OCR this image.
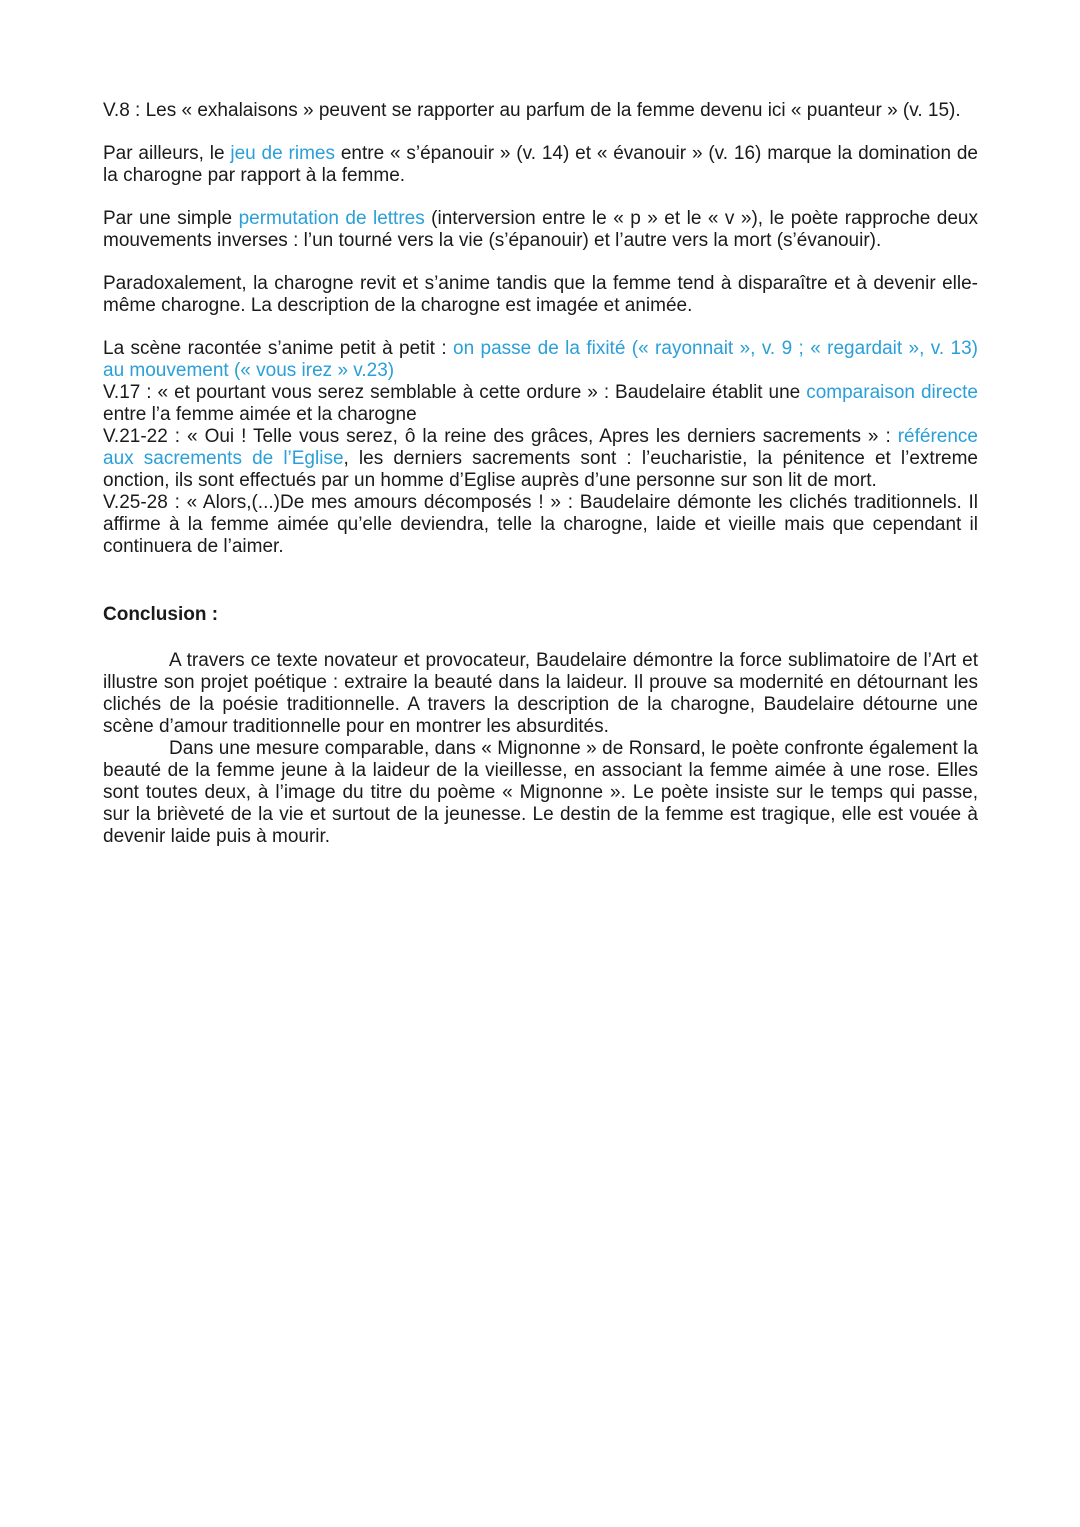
V.8 : Les « exhalaisons » peuvent se rapporter au parfum de la femme devenu ici « puanteur » (v. 15).

Par ailleurs, le jeu de rimes entre « s’épanouir » (v. 14) et « évanouir » (v. 16) marque la domination de la charogne par rapport à la femme.

Par une simple permutation de lettres (interversion entre le « p » et le « v »), le poète rapproche deux mouvements inverses : l’un tourné vers la vie (s’épanouir) et l’autre vers la mort (s’évanouir).

Paradoxalement, la charogne revit et s’anime tandis que la femme tend à disparaître et à devenir elle-même charogne. La description de la charogne est imagée et animée.

La scène racontée s’anime petit à petit : on passe de la fixité (« rayonnait », v. 9 ; « regardait », v. 13) au mouvement (« vous irez » v.23)

V.17 : « et pourtant vous serez semblable à cette ordure » : Baudelaire établit une comparaison directe entre l’a femme aimée et la charogne

V.21-22 : « Oui ! Telle vous serez, ô la reine des grâces, Apres les derniers sacrements » : référence aux sacrements de l’Eglise, les derniers sacrements sont : l’eucharistie, la pénitence et l’extreme onction, ils sont effectués par un homme d’Eglise auprès d’une personne sur son lit de mort.

V.25-28 : « Alors,(...)De mes amours décomposés ! » : Baudelaire démonte les clichés traditionnels. Il affirme à la femme aimée qu’elle deviendra, telle la charogne, laide et vieille mais que cependant il continuera de l’aimer.

Conclusion :

A travers ce texte novateur et provocateur, Baudelaire démontre la force sublimatoire de l’Art et illustre son projet poétique : extraire la beauté dans la laideur. Il prouve sa modernité en détournant les clichés de la poésie traditionnelle. A travers la description de la charogne, Baudelaire détourne une scène d’amour traditionnelle pour en montrer les absurdités.

Dans une mesure comparable, dans « Mignonne » de Ronsard, le poète confronte également la beauté de la femme jeune à la laideur de la vieillesse, en associant la femme aimée à une rose. Elles sont toutes deux, à l’image du titre du poème « Mignonne ». Le poète insiste sur le temps qui passe, sur la brièveté de la vie et surtout de la jeunesse. Le destin de la femme est tragique, elle est vouée à devenir laide puis à mourir.
